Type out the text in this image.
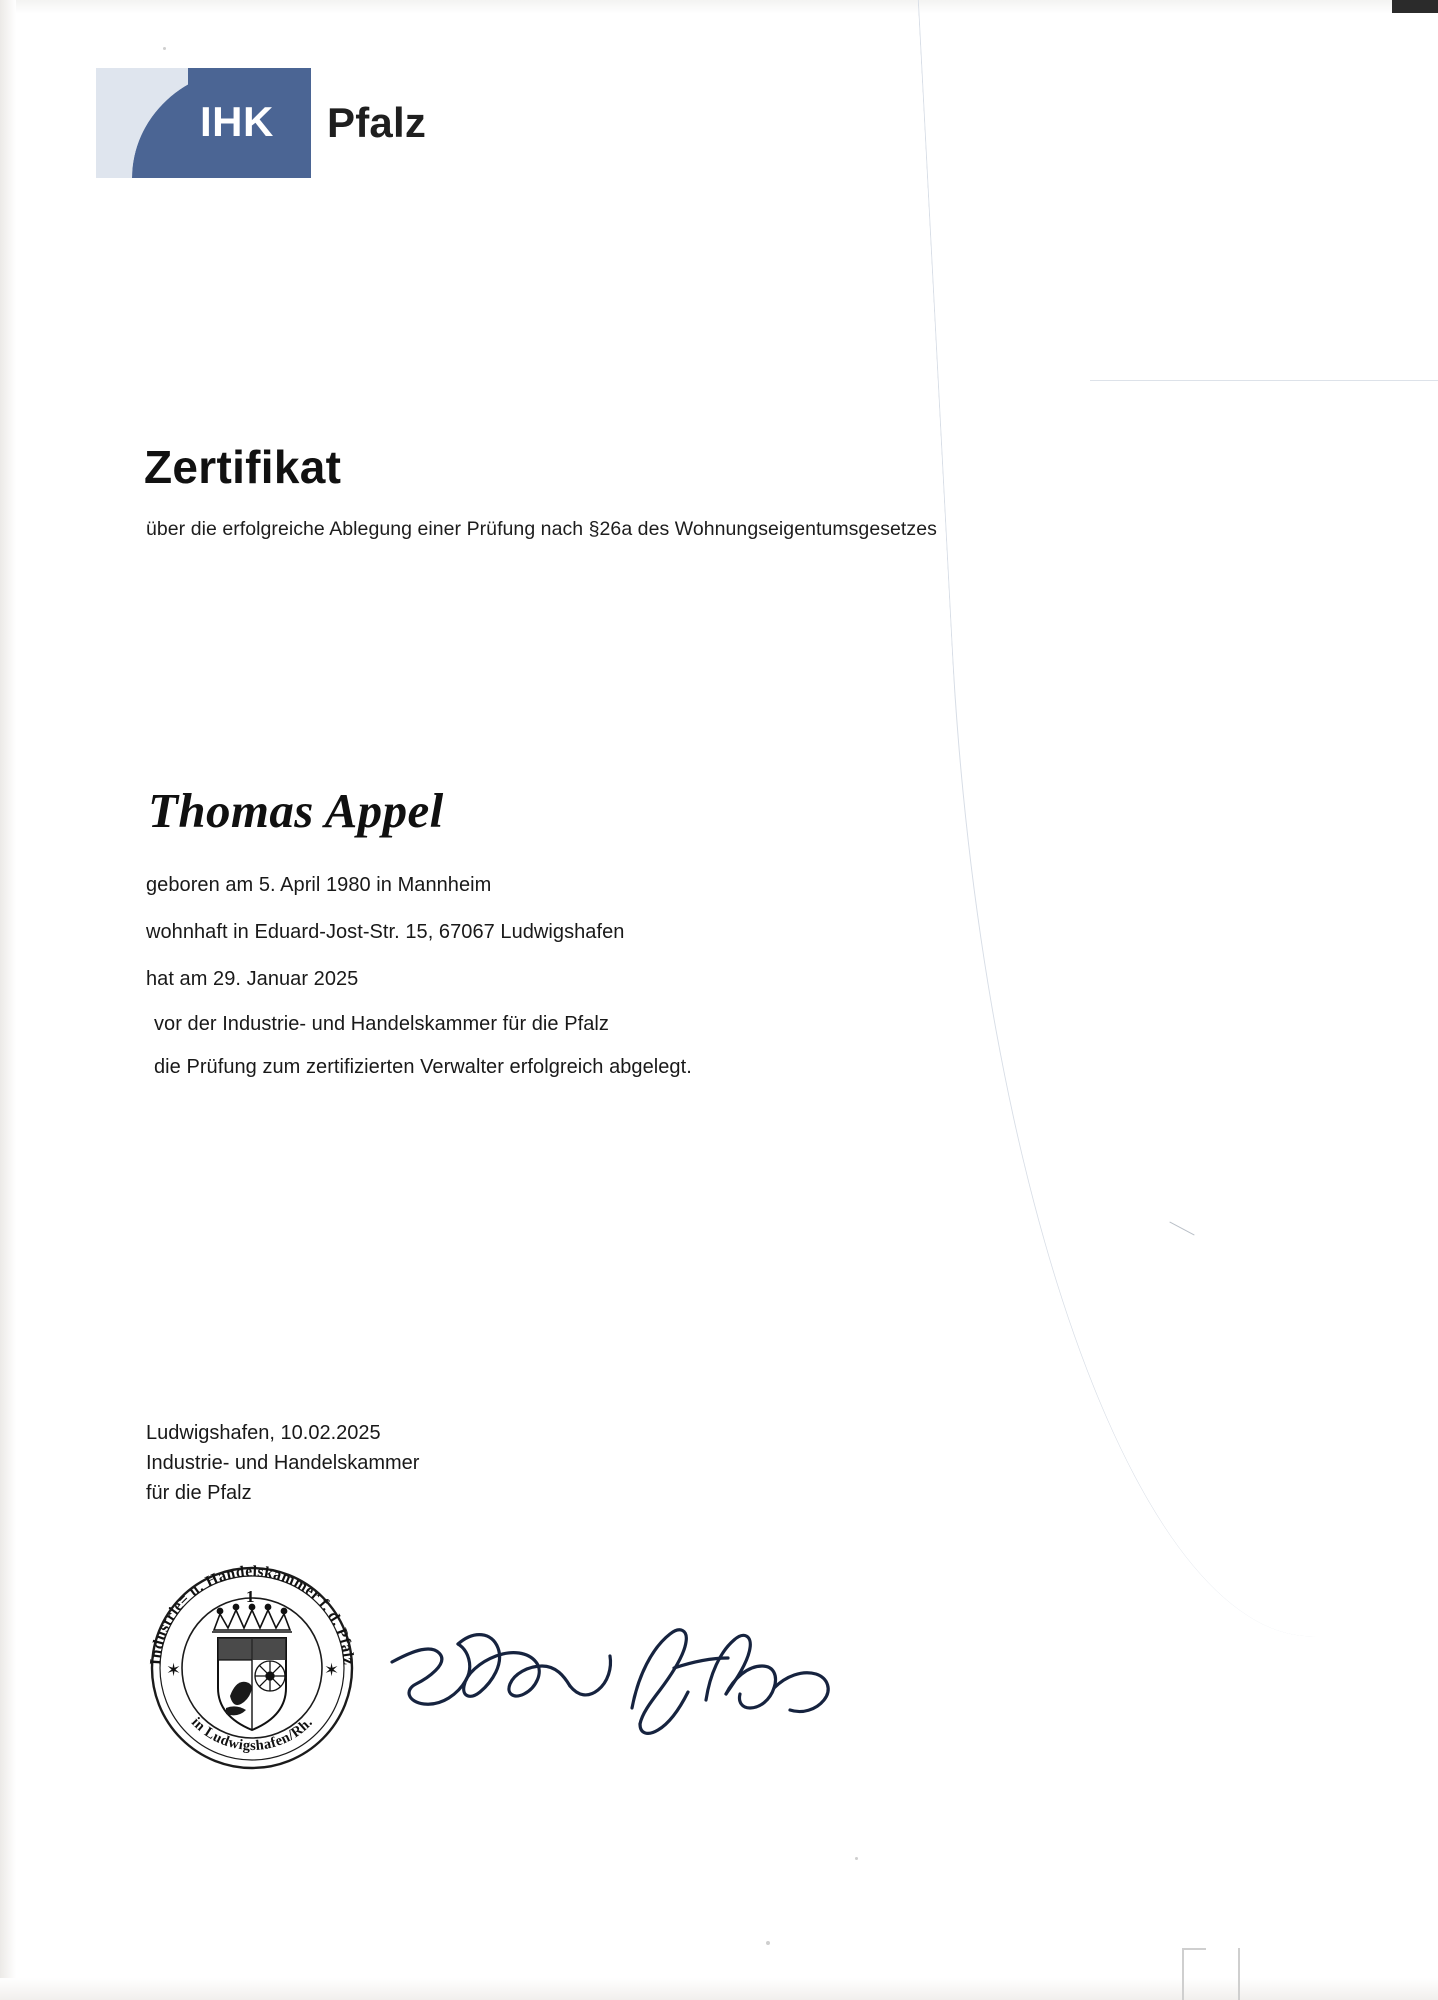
IHK Pfalz
Zertifikat
über die erfolgreiche Ablegung einer Prüfung nach §26a des Wohnungseigentumsgesetzes
Thomas Appel
geboren am 5. April 1980 in Mannheim
wohnhaft in Eduard-Jost-Str. 15, 67067 Ludwigshafen
hat am 29. Januar 2025
vor der Industrie- und Handelskammer für die Pfalz
die Prüfung zum zertifizierten Verwalter erfolgreich abgelegt.
Ludwigshafen, 10.02.2025
Industrie- und Handelskammer
für die Pfalz
Industrie= u. Handelskammer f. d. Pfalz
in Ludwigshafen/Rh.
✶	✶
1
